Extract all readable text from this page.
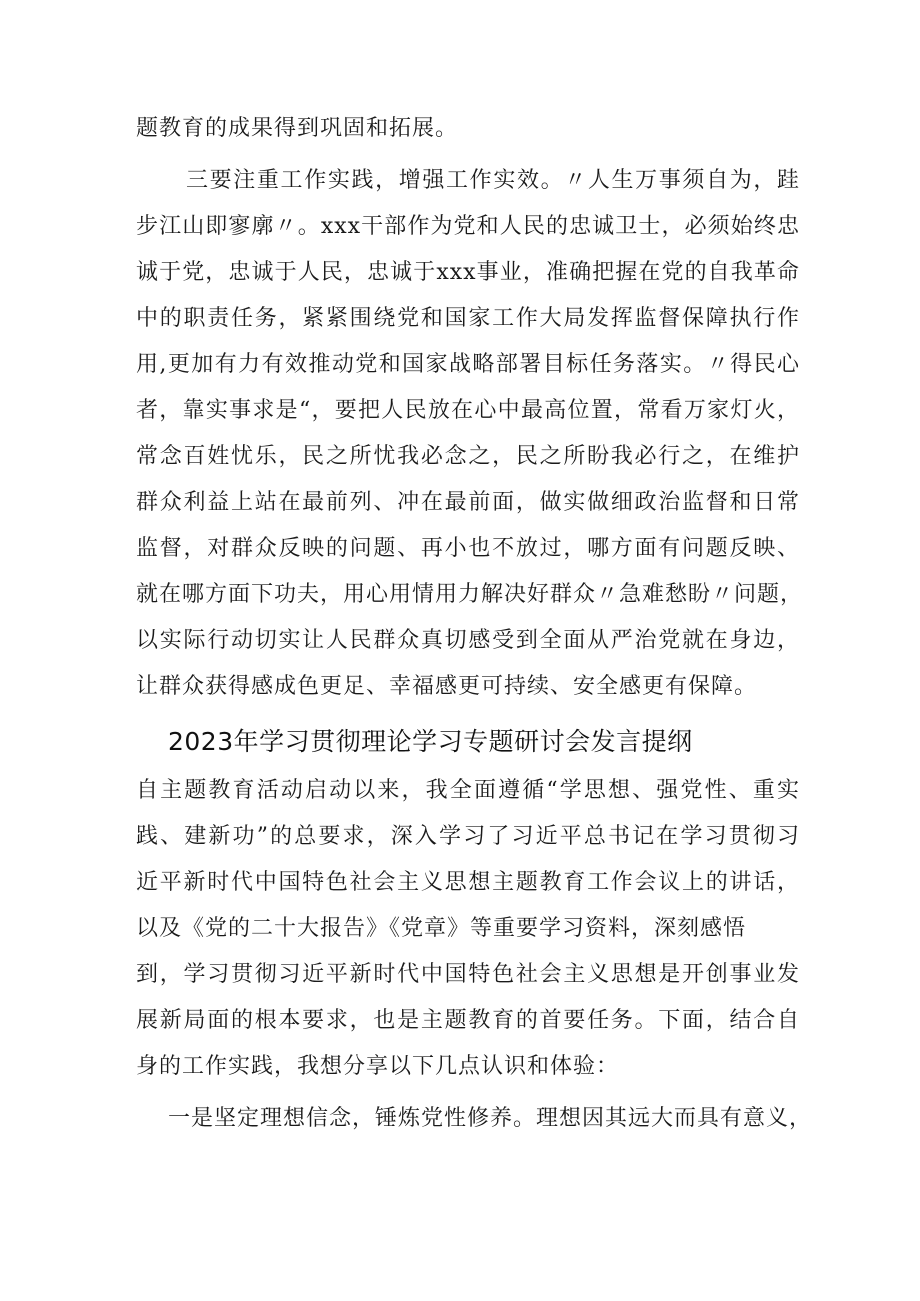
题教育的成果得到巩固和拓展。
三要注重工作实践，增强工作实效。〃人生万事须自为，跬
步江山即寥廓〃。xxx干部作为党和人民的忠诚卫士，必须始终忠
诚于党，忠诚于人民，忠诚于xxx事业，准确把握在党的自我革命
中的职责任务，紧紧围绕党和国家工作大局发挥监督保障执行作
用,更加有力有效推动党和国家战略部署目标任务落实。〃得民心
者，靠实事求是“，要把人民放在心中最高位置，常看万家灯火，
常念百姓忧乐，民之所忧我必念之，民之所盼我必行之，在维护
群众利益上站在最前列、冲在最前面，做实做细政治监督和日常
监督，对群众反映的问题、再小也不放过，哪方面有问题反映、
就在哪方面下功夫，用心用情用力解决好群众〃急难愁盼〃问题，
以实际行动切实让人民群众真切感受到全面从严治党就在身边，
让群众获得感成色更足、幸福感更可持续、安全感更有保障。
2023年学习贯彻理论学习专题研讨会发言提纲
自主题教育活动启动以来，我全面遵循“学思想、强党性、重实
践、建新功”的总要求，深入学习了习近平总书记在学习贯彻习
近平新时代中国特色社会主义思想主题教育工作会议上的讲话，
以及《党的二十大报告》《党章》等重要学习资料，深刻感悟
到，学习贯彻习近平新时代中国特色社会主义思想是开创事业发
展新局面的根本要求，也是主题教育的首要任务。下面，结合自
身的工作实践，我想分享以下几点认识和体验：
一是坚定理想信念，锤炼党性修养。理想因其远大而具有意义，
